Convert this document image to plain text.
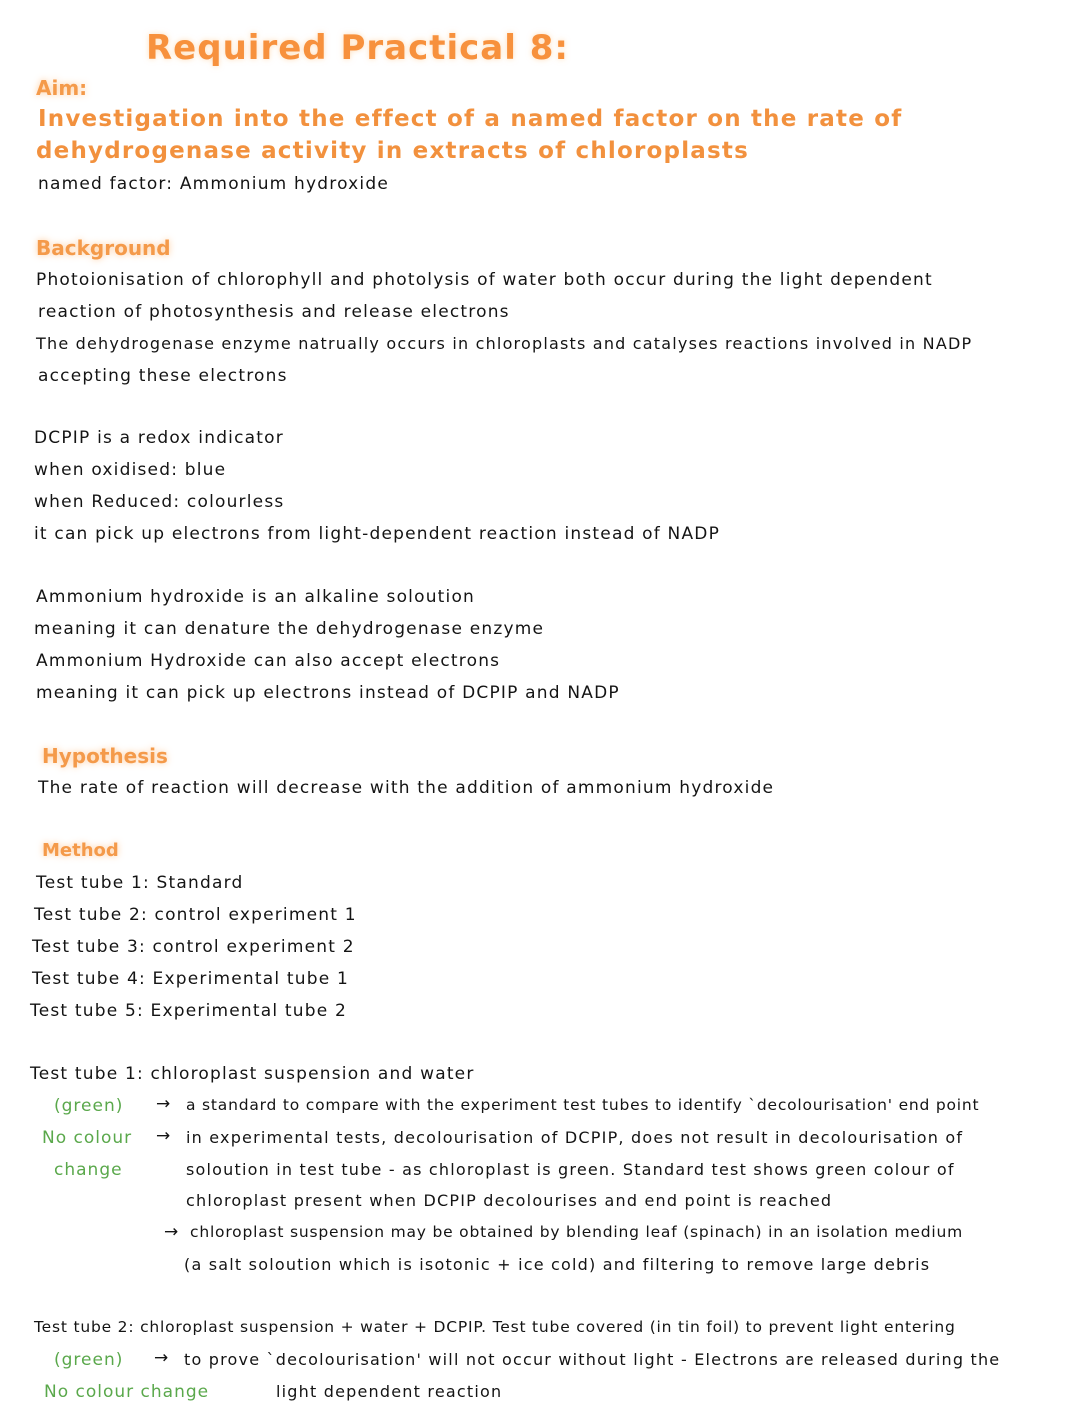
Required Practical 8:
Aim:
Investigation into the effect of a named factor on the rate of
dehydrogenase activity in extracts of chloroplasts
named factor: Ammonium hydroxide
Background
Photoionisation of chlorophyll and photolysis of water both occur during the light dependent
reaction of photosynthesis and release electrons
The dehydrogenase enzyme natrually occurs in chloroplasts and catalyses reactions involved in NADP
accepting these electrons
DCPIP is a redox indicator
when oxidised: blue
when Reduced: colourless
it can pick up electrons from light-dependent reaction instead of NADP
Ammonium hydroxide is an alkaline soloution
meaning it can denature the dehydrogenase enzyme
Ammonium Hydroxide can also accept electrons
meaning it can pick up electrons instead of DCPIP and NADP
Hypothesis
The rate of reaction will decrease with the addition of ammonium hydroxide
Method
Test tube 1: Standard
Test tube 2: control experiment 1
Test tube 3: control experiment 2
Test tube 4: Experimental tube 1
Test tube 5: Experimental tube 2
Test tube 1: chloroplast suspension and water
(green)
No colour
change
→
→
→
a standard to compare with the experiment test tubes to identify `decolourisation' end point
in experimental tests, decolourisation of DCPIP, does not result in decolourisation of
soloution in test tube - as chloroplast is green. Standard test shows green colour of
chloroplast present when DCPIP decolourises and end point is reached
chloroplast suspension may be obtained by blending leaf (spinach) in an isolation medium
(a salt soloution which is isotonic + ice cold) and filtering to remove large debris
Test tube 2: chloroplast suspension + water + DCPIP. Test tube covered (in tin foil) to prevent light entering
(green)
No colour change
→ to prove `decolourisation' will not occur without light - Electrons are released during the
light dependent reaction
